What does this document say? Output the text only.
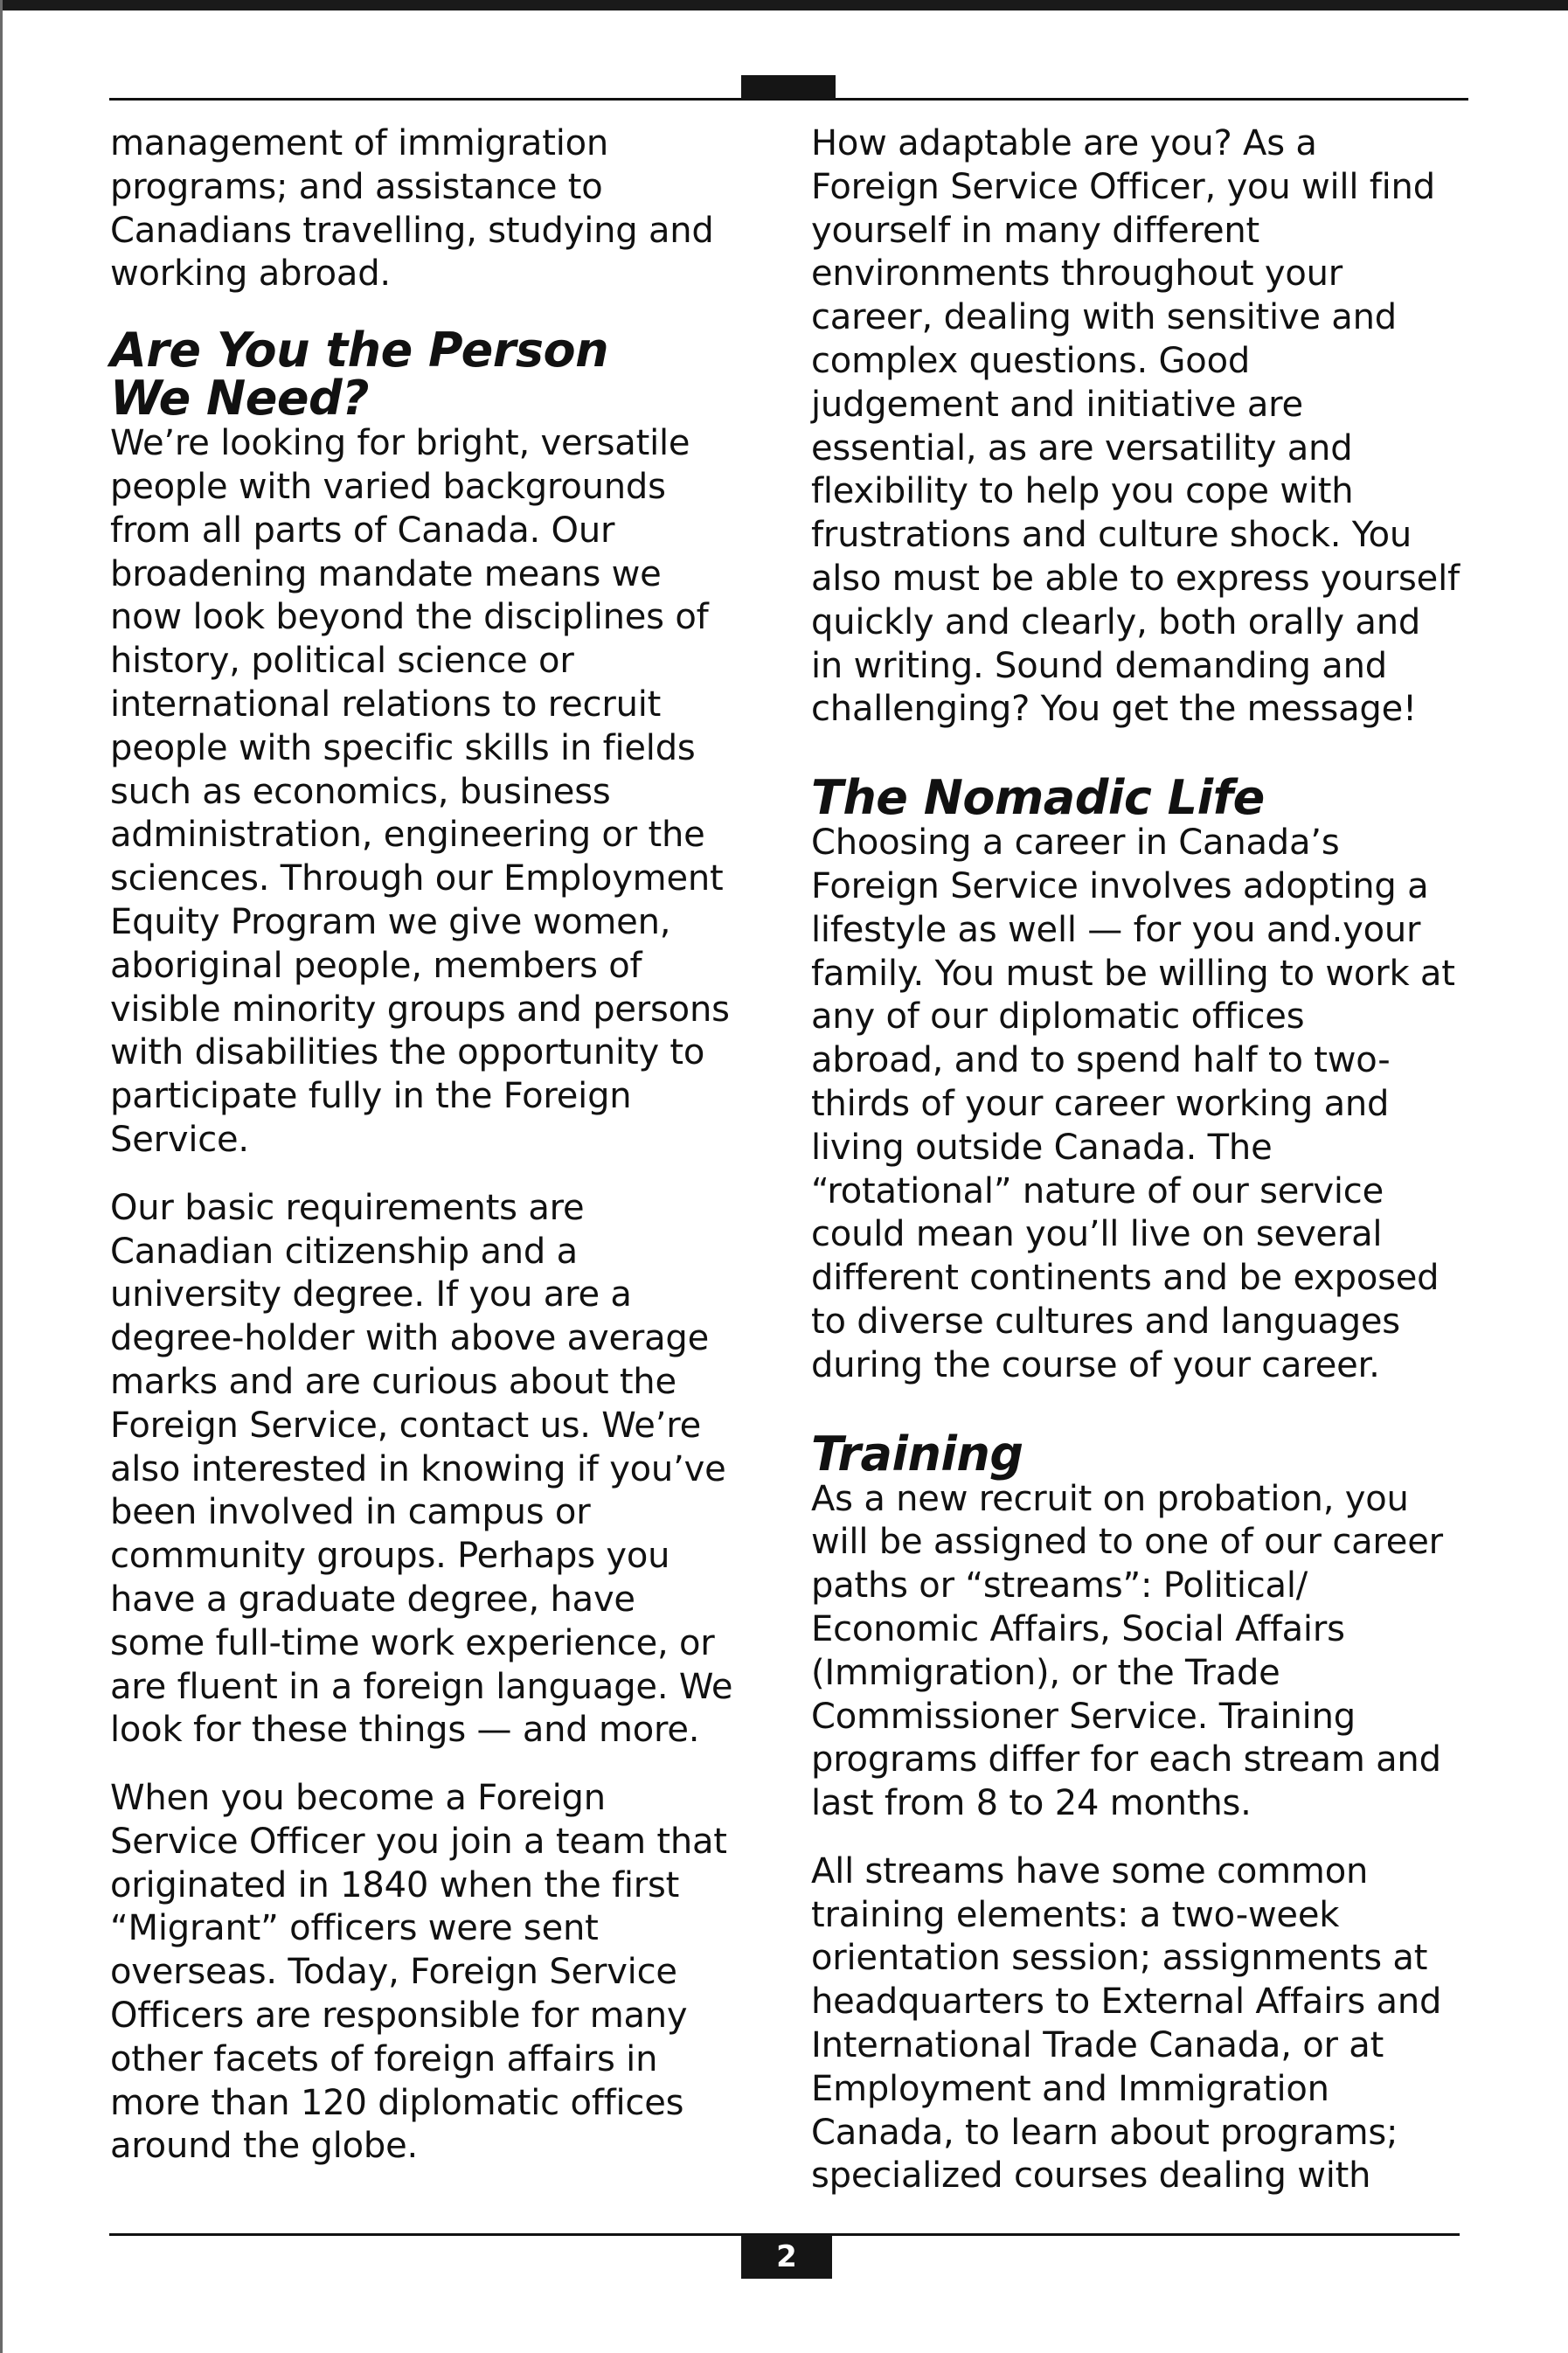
management of immigration
programs; and assistance to
Canadians travelling, studying and
working abroad.

Are You the Person
We Need?

We’re looking for bright, versatile
people with varied backgrounds
from all parts of Canada. Our
broadening mandate means we
now look beyond the disciplines of
history, political science or
international relations to recruit
people with specific skills in fields
such as economics, business
administration, engineering or the
sciences. Through our Employment
Equity Program we give women,
aboriginal people, members of
visible minority groups and persons
with disabilities the opportunity to
participate fully in the Foreign
Service.

Our basic requirements are
Canadian citizenship and a
university degree. If you are a
degree-holder with above average
marks and are curious about the
Foreign Service, contact us. We’re
also interested in knowing if you’ve
been involved in campus or
community groups. Perhaps you
have a graduate degree, have
some full-time work experience, or
are fluent in a foreign language. We
look for these things — and more.

When you become a Foreign
Service Officer you join a team that
originated in 1840 when the first
“Migrant” officers were sent
overseas. Today, Foreign Service
Officers are responsible for many
other facets of foreign affairs in
more than 120 diplomatic offices
around the globe.

How adaptable are you? As a
Foreign Service Officer, you will find
yourself in many different
environments throughout your
career, dealing with sensitive and
complex questions. Good
judgement and initiative are
essential, as are versatility and
flexibility to help you cope with
frustrations and culture shock. You
also must be able to express yourself
quickly and clearly, both orally and
in writing. Sound demanding and
challenging? You get the message!

The Nomadic Life

Choosing a career in Canada’s
Foreign Service involves adopting a
lifestyle as well — for you and.your
family. You must be willing to work at
any of our diplomatic offices
abroad, and to spend half to two-
thirds of your career working and
living outside Canada. The
“rotational” nature of our service
could mean you’ll live on several
different continents and be exposed
to diverse cultures and languages
during the course of your career.

Training

As a new recruit on probation, you
will be assigned to one of our career
paths or “streams”: Political/
Economic Affairs, Social Affairs
(Immigration), or the Trade
Commissioner Service. Training
programs differ for each stream and
last from 8 to 24 months.

All streams have some common
training elements: a two-week
orientation session; assignments at
headquarters to External Affairs and
International Trade Canada, or at
Employment and Immigration
Canada, to learn about programs;
specialized courses dealing with

2
